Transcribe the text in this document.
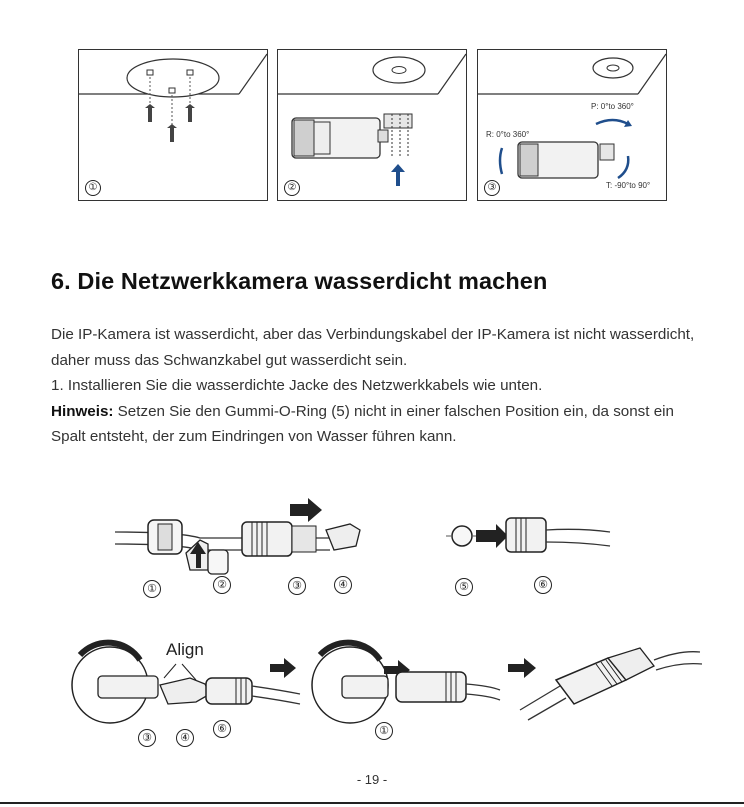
①	②
P: 0°to 360°
R: 0°to 360°
T: -90°to 90°
③
6. Die Netzwerkkamera wasserdicht machen

Die IP-Kamera ist wasserdicht, aber das Verbindungskabel der IP-Kamera ist nicht wasserdicht, daher muss das Schwanzkabel gut wasserdicht sein.

1. Installieren Sie die wasserdichte Jacke des Netzwerkkabels wie unten.

Hinweis: Setzen Sie den Gummi-O-Ring (5) nicht in einer falschen Position ein, da sonst ein Spalt entsteht, der zum Eindringen von Wasser führen kann.

①	②	③	④	⑤	⑥
Align
③	④
⑥	①
- 19 -
